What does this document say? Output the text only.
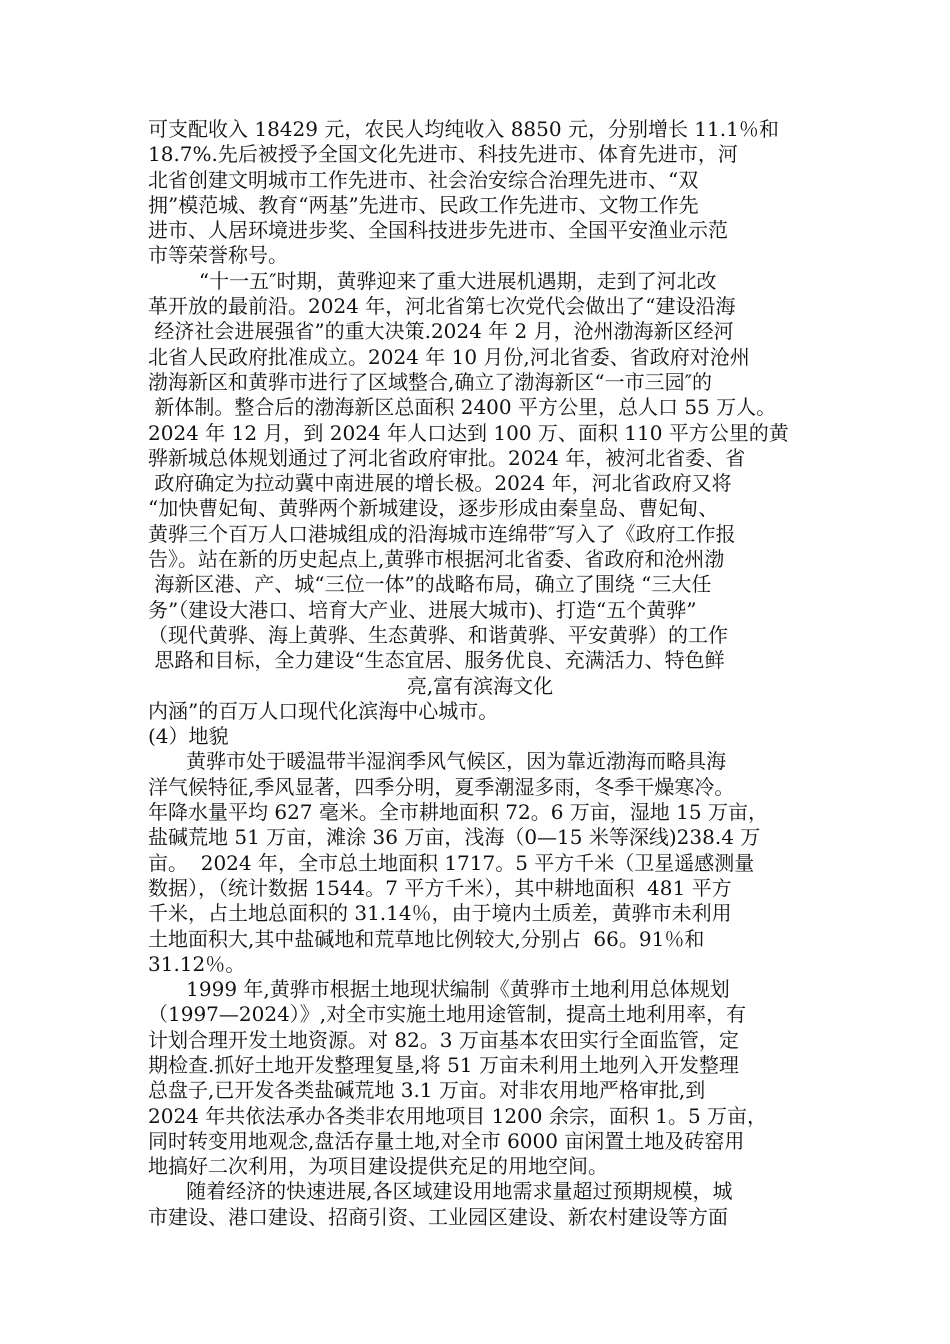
可支配收入 18429 元，农民人均纯收入 8850 元，分别增长 11.1％和
18.7%.先后被授予全国文化先进市、科技先进市、体育先进市，河
北省创建文明城市工作先进市、社会治安综合治理先进市、“双
拥”模范城、教育“两基”先进市、民政工作先进市、文物工作先
进市、人居环境进步奖、全国科技进步先进市、全国平安渔业示范
市等荣誉称号。
“十一五″时期，黄骅迎来了重大进展机遇期，走到了河北改
革开放的最前沿。2024 年，河北省第七次党代会做出了“建设沿海
经济社会进展强省”的重大决策.2024 年 2 月，沧州渤海新区经河
北省人民政府批准成立。2024 年 10 月份,河北省委、省政府对沧州
渤海新区和黄骅市进行了区域整合,确立了渤海新区“一市三园″的
新体制。整合后的渤海新区总面积 2400 平方公里，总人口 55 万人。
2024 年 12 月，到 2024 年人口达到 100 万、面积 110 平方公里的黄
骅新城总体规划通过了河北省政府审批。2024 年，被河北省委、省
政府确定为拉动冀中南进展的增长极。2024 年，河北省政府又将
“加快曹妃甸、黄骅两个新城建设，逐步形成由秦皇岛、曹妃甸、
黄骅三个百万人口港城组成的沿海城市连绵带″写入了《政府工作报
告》。站在新的历史起点上,黄骅市根据河北省委、省政府和沧州渤
海新区港、产、城“三位一体”的战略布局，确立了围绕 “三大任
务”（建设大港口、培育大产业、进展大城市)、打造“五个黄骅”
（现代黄骅、海上黄骅、生态黄骅、和谐黄骅、平安黄骅）的工作
思路和目标，全力建设“生态宜居、服务优良、充满活力、特色鲜
亮,富有滨海文化
内涵”的百万人口现代化滨海中心城市。
(4）地貌
黄骅市处于暖温带半湿润季风气候区，因为靠近渤海而略具海
洋气候特征,季风显著，四季分明，夏季潮湿多雨，冬季干燥寒冷。
年降水量平均 627 毫米。全市耕地面积 72。6 万亩，湿地 15 万亩，
盐碱荒地 51 万亩，滩涂 36 万亩，浅海（0—15 米等深线)238.4 万
亩。  2024 年，全市总土地面积 1717。5 平方千米（卫星遥感测量
数据），（统计数据 1544。7 平方千米），其中耕地面积  481 平方
千米，占土地总面积的 31.14％，由于境内土质差，黄骅市未利用
土地面积大,其中盐碱地和荒草地比例较大,分别占  66。91％和
31.12％。
1999 年,黄骅市根据土地现状编制《黄骅市土地利用总体规划
（1997—2024）》,对全市实施土地用途管制，提高土地利用率，有
计划合理开发土地资源。对 82。3 万亩基本农田实行全面监管，定
期检查.抓好土地开发整理复垦,将 51 万亩未利用土地列入开发整理
总盘子,已开发各类盐碱荒地 3.1 万亩。对非农用地严格审批,到
2024 年共依法承办各类非农用地项目 1200 余宗，面积 1。5 万亩，
同时转变用地观念,盘活存量土地,对全市 6000 亩闲置土地及砖窑用
地搞好二次利用，为项目建设提供充足的用地空间。
随着经济的快速进展,各区域建设用地需求量超过预期规模，城
市建设、港口建设、招商引资、工业园区建设、新农村建设等方面
